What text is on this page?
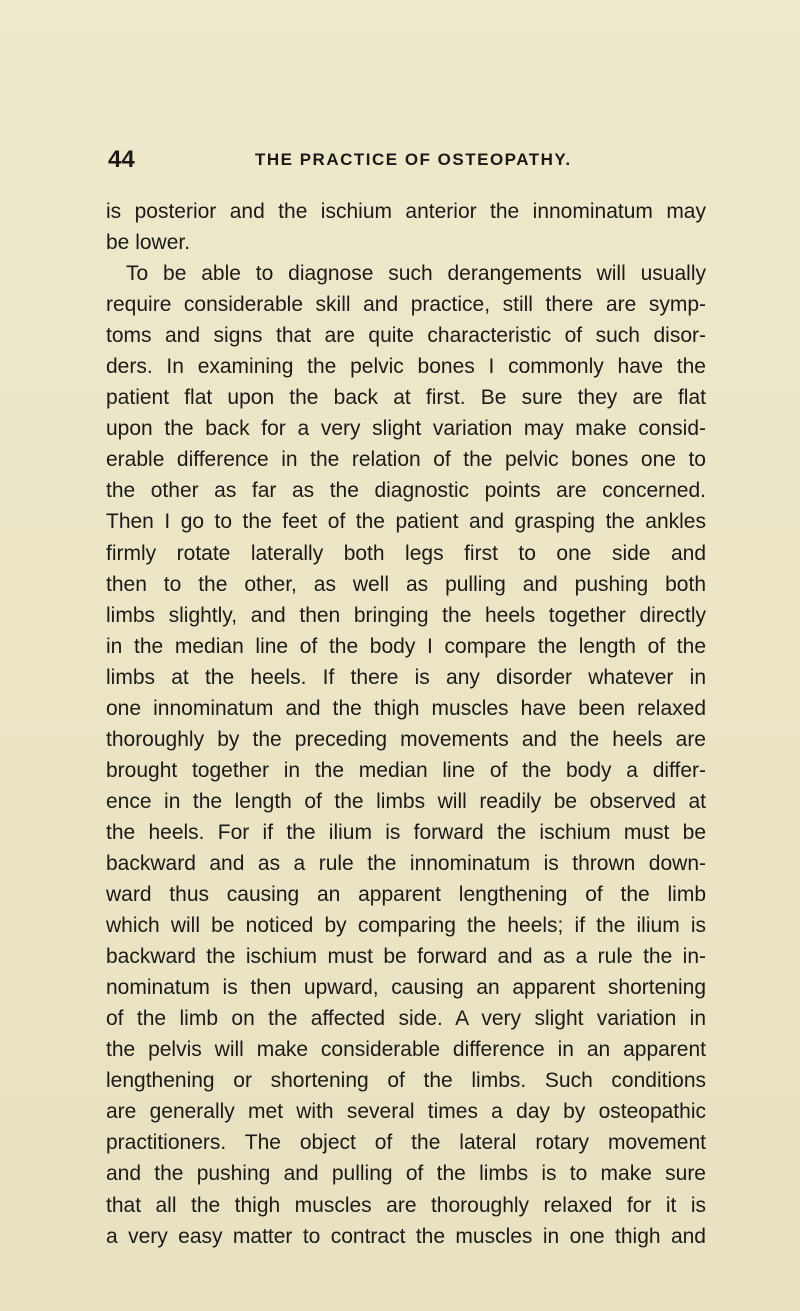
44	THE PRACTICE OF OSTEOPATHY.
is posterior and the ischium anterior the innominatum may
be lower.
To be able to diagnose such derangements will usually
require considerable skill and practice, still there are symp-
toms and signs that are quite characteristic of such disor-
ders. In examining the pelvic bones I commonly have the
patient flat upon the back at first. Be sure they are flat
upon the back for a very slight variation may make consid-
erable difference in the relation of the pelvic bones one to
the other as far as the diagnostic points are concerned.
Then I go to the feet of the patient and grasping the ankles
firmly rotate laterally both legs first to one side and
then to the other, as well as pulling and pushing both
limbs slightly, and then bringing the heels together directly
in the median line of the body I compare the length of the
limbs at the heels. If there is any disorder whatever in
one innominatum and the thigh muscles have been relaxed
thoroughly by the preceding movements and the heels are
brought together in the median line of the body a differ-
ence in the length of the limbs will readily be observed at
the heels. For if the ilium is forward the ischium must be
backward and as a rule the innominatum is thrown down-
ward thus causing an apparent lengthening of the limb
which will be noticed by comparing the heels; if the ilium is
backward the ischium must be forward and as a rule the in-
nominatum is then upward, causing an apparent shortening
of the limb on the affected side. A very slight variation in
the pelvis will make considerable difference in an apparent
lengthening or shortening of the limbs. Such conditions
are generally met with several times a day by osteopathic
practitioners. The object of the lateral rotary movement
and the pushing and pulling of the limbs is to make sure
that all the thigh muscles are thoroughly relaxed for it is
a very easy matter to contract the muscles in one thigh and
